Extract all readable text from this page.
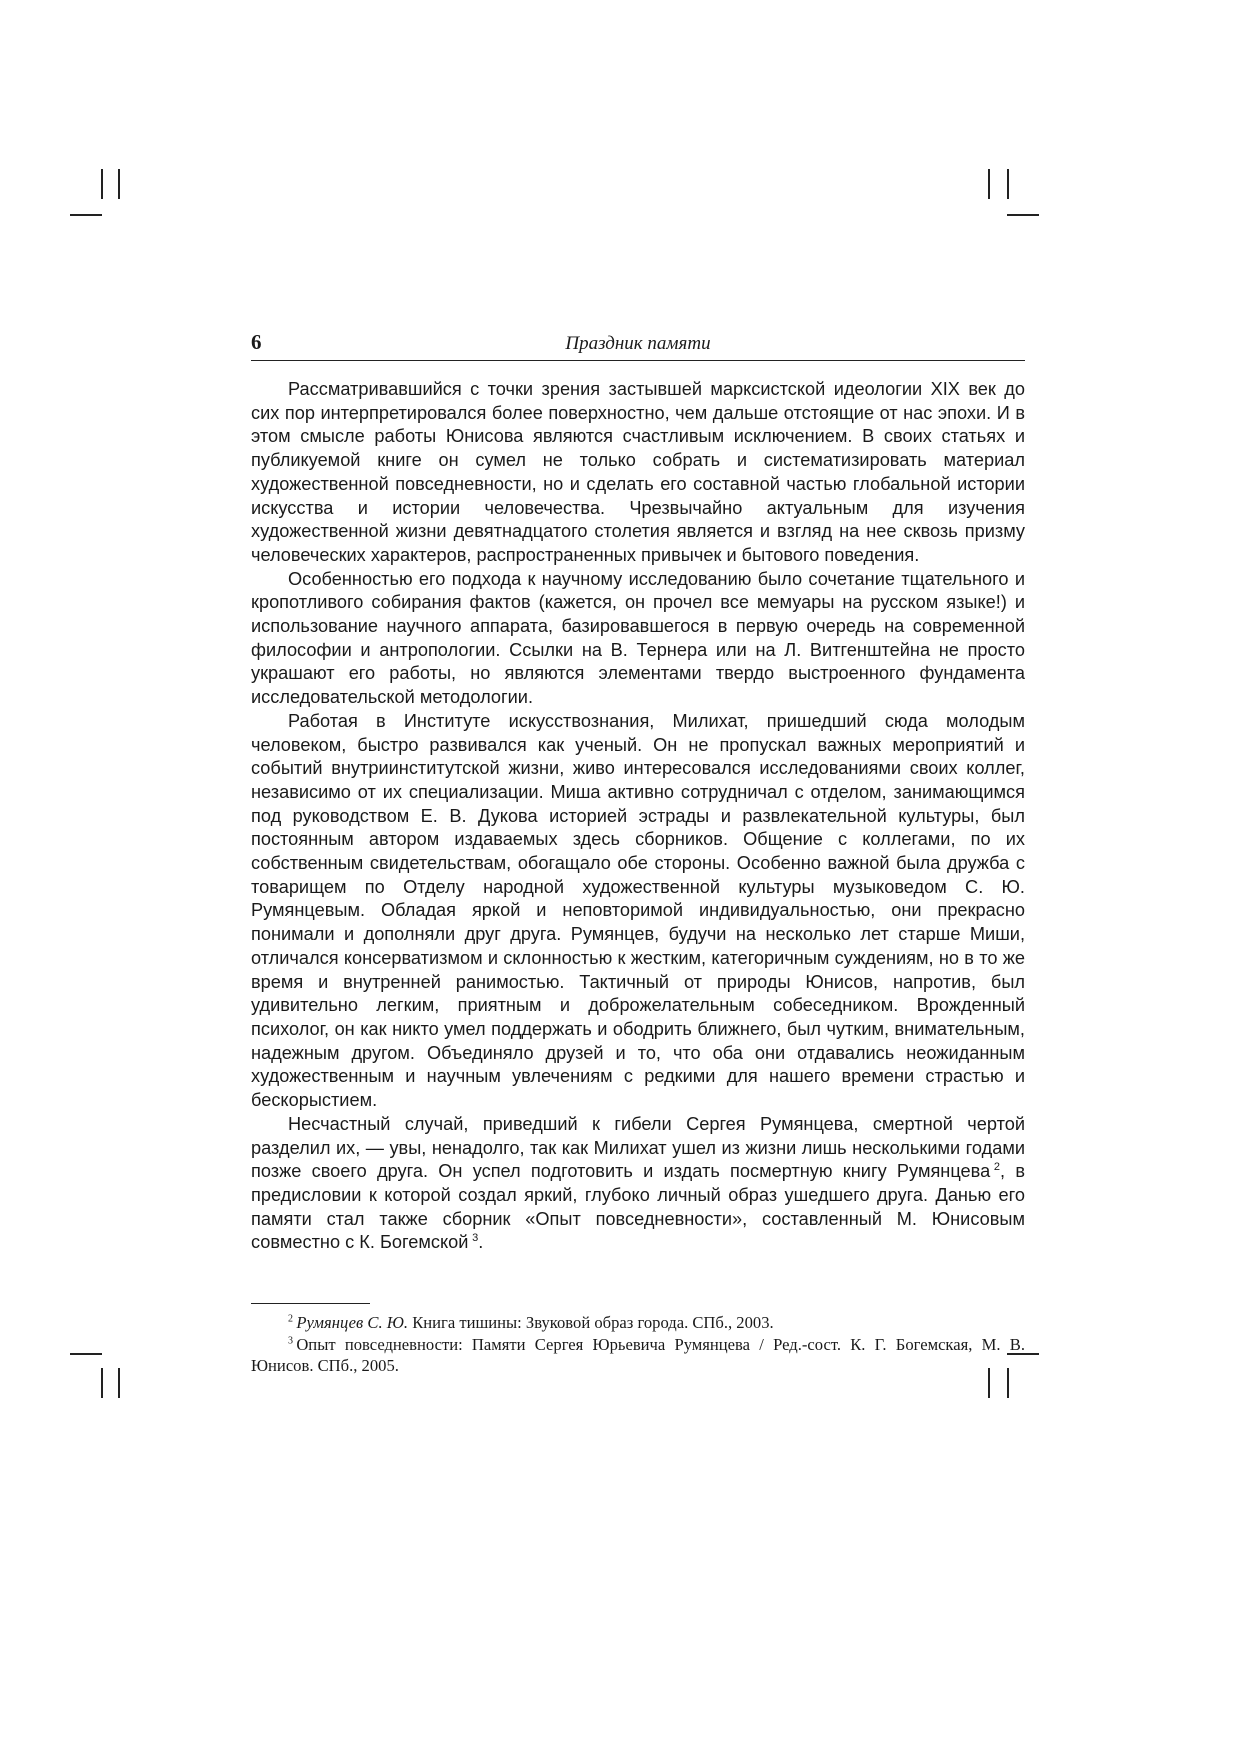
6	Праздник памяти

Рассматривавшийся с точки зрения застывшей марксистской идеологии XIX век до сих пор интерпретировался более поверхностно, чем дальше отстоящие от нас эпохи. И в этом смысле работы Юнисова являются счастливым исключением. В своих статьях и публикуемой книге он сумел не только собрать и систематизировать материал художественной повседневности, но и сделать его составной частью глобальной истории искусства и истории человечества. Чрезвычайно актуальным для изучения художественной жизни девятнадцатого столетия является и взгляд на нее сквозь призму человеческих характеров, распространенных привычек и бытового поведения.

Особенностью его подхода к научному исследованию было сочетание тщательного и кропотливого собирания фактов (кажется, он прочел все мемуары на русском языке!) и использование научного аппарата, базировавшегося в первую очередь на современной философии и антропологии. Ссылки на В. Тернера или на Л. Витгенштейна не просто украшают его работы, но являются элементами твердо выстроенного фундамента исследовательской методологии.

Работая в Институте искусствознания, Милихат, пришедший сюда молодым человеком, быстро развивался как ученый. Он не пропускал важных мероприятий и событий внутриинститутской жизни, живо интересовался исследованиями своих коллег, независимо от их специализации. Миша активно сотрудничал с отделом, занимающимся под руководством Е. В. Дукова историей эстрады и развлекательной культуры, был постоянным автором издаваемых здесь сборников. Общение с коллегами, по их собственным свидетельствам, обогащало обе стороны. Особенно важной была дружба с товарищем по Отделу народной художественной культуры музыковедом С. Ю. Румянцевым. Обладая яркой и неповторимой индивидуальностью, они прекрасно понимали и дополняли друг друга. Румянцев, будучи на несколько лет старше Миши, отличался консерватизмом и склонностью к жестким, категоричным суждениям, но в то же время и внутренней ранимостью. Тактичный от природы Юнисов, напротив, был удивительно легким, приятным и доброжелательным собеседником. Врожденный психолог, он как никто умел поддержать и ободрить ближнего, был чутким, внимательным, надежным другом. Объединяло друзей и то, что оба они отдавались неожиданным художественным и научным увлечениям с редкими для нашего времени страстью и бескорыстием.

Несчастный случай, приведший к гибели Сергея Румянцева, смертной чертой разделил их, — увы, ненадолго, так как Милихат ушел из жизни лишь несколькими годами позже своего друга. Он успел подготовить и издать посмертную книгу Румянцева  $^2$, в предисловии к которой создал яркий, глубоко личный образ ушедшего друга. Данью его памяти стал также сборник «Опыт повседневности», составленный М. Юнисовым совместно с К. Богемской  $^3$.

$^2$  Румянцев С. Ю. Книга тишины: Звуковой образ города. СПб., 2003.

$^3$  Опыт повседневности: Памяти Сергея Юрьевича Румянцева / Ред.-сост. К. Г. Богемская, М. В. Юнисов. СПб., 2005.
